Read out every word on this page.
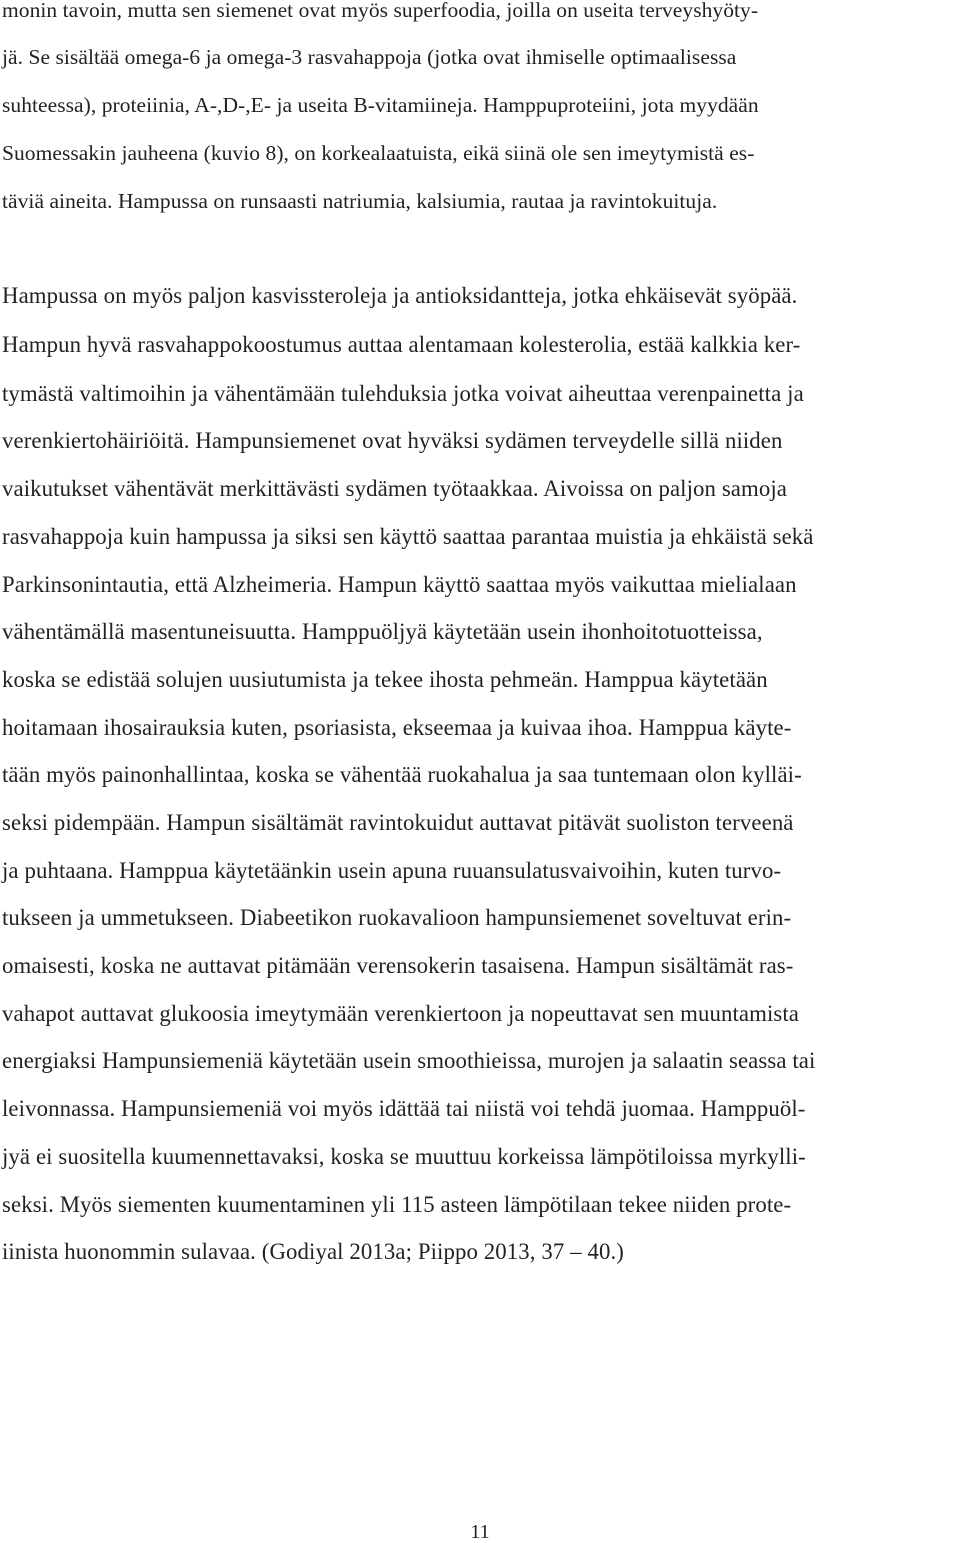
monin tavoin, mutta sen siemenet ovat myös superfoodia, joilla on useita terveyshyöty-
jä. Se sisältää omega-6 ja omega-3 rasvahappoja (jotka ovat ihmiselle optimaalisessa
suhteessa), proteiinia, A-,D-,E- ja useita B-vitamiineja. Hamppuproteiini, jota myydään
Suomessakin jauheena (kuvio 8), on korkealaatuista, eikä siinä ole sen imeytymistä es-
täviä aineita. Hampussa on runsaasti natriumia, kalsiumia, rautaa ja ravintokuituja.
Hampussa on myös paljon kasvissteroleja ja antioksidantteja, jotka ehkäisevät syöpää.
Hampun hyvä rasvahappokoostumus auttaa alentamaan kolesterolia, estää kalkkia ker-
tymästä valtimoihin ja vähentämään tulehduksia jotka voivat aiheuttaa verenpainetta ja
verenkiertohäiriöitä. Hampunsiemenet ovat hyväksi sydämen terveydelle sillä niiden
vaikutukset vähentävät merkittävästi sydämen työtaakkaa. Aivoissa on paljon samoja
rasvahappoja kuin hampussa ja siksi sen käyttö saattaa parantaa muistia ja ehkäistä sekä
Parkinsonintautia, että Alzheimeria. Hampun käyttö saattaa myös vaikuttaa mielialaan
vähentämällä masentuneisuutta. Hamppuöljyä käytetään usein ihonhoitotuotteissa,
koska se edistää solujen uusiutumista ja tekee ihosta pehmeän. Hamppua käytetään
hoitamaan ihosairauksia kuten, psoriasista, ekseemaa ja kuivaa ihoa. Hamppua käyte-
tään myös painonhallintaa, koska se vähentää ruokahalua ja saa tuntemaan olon kylläi-
seksi pidempään. Hampun sisältämät ravintokuidut auttavat pitävät suoliston terveenä
ja puhtaana. Hamppua käytetäänkin usein apuna ruuansulatusvaivoihin, kuten turvo-
tukseen ja ummetukseen. Diabeetikon ruokavalioon hampunsiemenet soveltuvat erin-
omaisesti, koska ne auttavat pitämään verensokerin tasaisena. Hampun sisältämät ras-
vahapot auttavat glukoosia imeytymään verenkiertoon ja nopeuttavat sen muuntamista
energiaksi Hampunsiemeniä käytetään usein smoothieissa, murojen ja salaatin seassa tai
leivonnassa. Hampunsiemeniä voi myös idättää tai niistä voi tehdä juomaa. Hamppuöl-
jyä ei suositella kuumennettavaksi, koska se muuttuu korkeissa lämpötiloissa myrkylli-
seksi. Myös siementen kuumentaminen yli 115 asteen lämpötilaan tekee niiden prote-
iinista huonommin sulavaa. (Godiyal 2013a; Piippo 2013, 37 – 40.)
11
